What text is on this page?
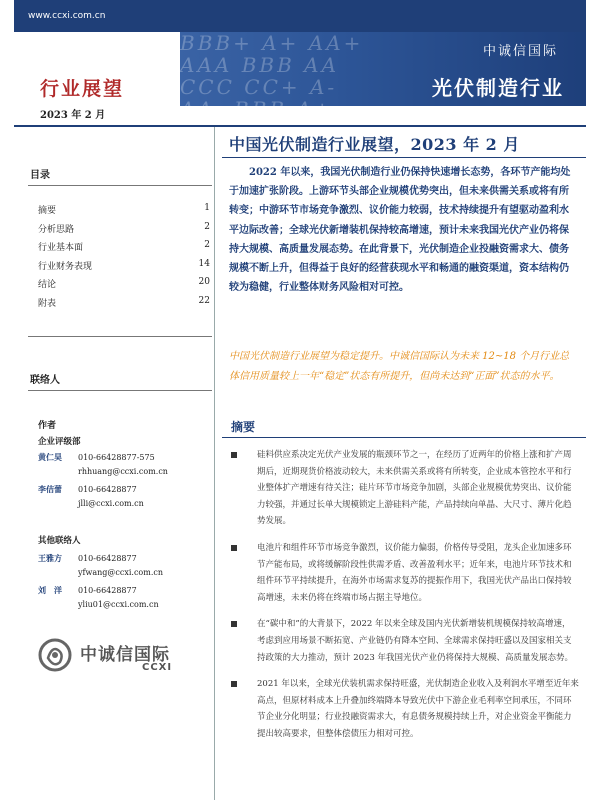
www.ccxi.com.cn
BBB+ A+ AA+ AAA BBB AA CCC CC+ A- AA- BBB A+
中诚信国际
光伏制造行业
行业展望
2023 年 2 月
目录
摘要	1
分析思路	2
行业基本面	2
行业财务表现	14
结论	20
附表	22
联络人
作者
企业评级部
黄仁昊 010-66428877-575
rhhuang@ccxi.com.cn
李佶蕾 010-66428877
jlli@ccxi.com.cn
其他联络人
王雅方 010-66428877
yfwang@ccxi.com.cn
刘　洋 010-66428877
yliu01@ccxi.com.cn
中诚信国际
CCXI
中国光伏制造行业展望，2023 年 2 月

2022 年以来，我国光伏制造行业仍保持快速增长态势，各环节产能均处于加速扩张阶段。上游环节头部企业规模优势突出，但未来供需关系或将有所转变；中游环节市场竞争激烈、议价能力较弱，技术持续提升有望驱动盈利水平边际改善；全球光伏新增装机保持较高增速，预计未来我国光伏产业仍将保持大规模、高质量发展态势。在此背景下，光伏制造企业投融资需求大、债务规模不断上升，但得益于良好的经营获现水平和畅通的融资渠道，资本结构仍较为稳健，行业整体财务风险相对可控。

中国光伏制造行业展望为稳定提升。中诚信国际认为未来 12~18 个月行业总体信用质量较上一年“稳定”状态有所提升，但尚未达到“正面”状态的水平。

摘要
硅料供应系决定光伏产业发展的瓶颈环节之一，在经历了近两年的价格上涨和扩产周期后，近期现货价格波动较大，未来供需关系或将有所转变，企业成本管控水平和行业整体扩产增速有待关注；硅片环节市场竞争加剧，头部企业规模优势突出、议价能力较强，并通过长单大规模锁定上游硅料产能，产品持续向单晶、大尺寸、薄片化趋势发展。
电池片和组件环节市场竞争激烈，议价能力偏弱，价格传导受阻，龙头企业加速多环节产能布局，或将缓解阶段性供需矛盾、改善盈利水平；近年来，电池片环节技术和组件环节平持续提升，在海外市场需求复苏的提振作用下，我国光伏产品出口保持较高增速，未来仍将在终端市场占据主导地位。
在“碳中和”的大背景下，2022 年以来全球及国内光伏新增装机规模保持较高增速，考虑到应用场景不断拓宽、产业链仍有降本空间、全球需求保持旺盛以及国家相关支持政策的大力推动，预计 2023 年我国光伏产业仍将保持大规模、高质量发展态势。
2021 年以来，全球光伏装机需求保持旺盛，光伏制造企业收入及利润水平增至近年来高点，但原材料成本上升叠加终端降本导致光伏中下游企业毛利率空间承压，不同环节企业分化明显；行业投融资需求大，有息债务规模持续上升，对企业资金平衡能力提出较高要求，但整体偿债压力相对可控。
